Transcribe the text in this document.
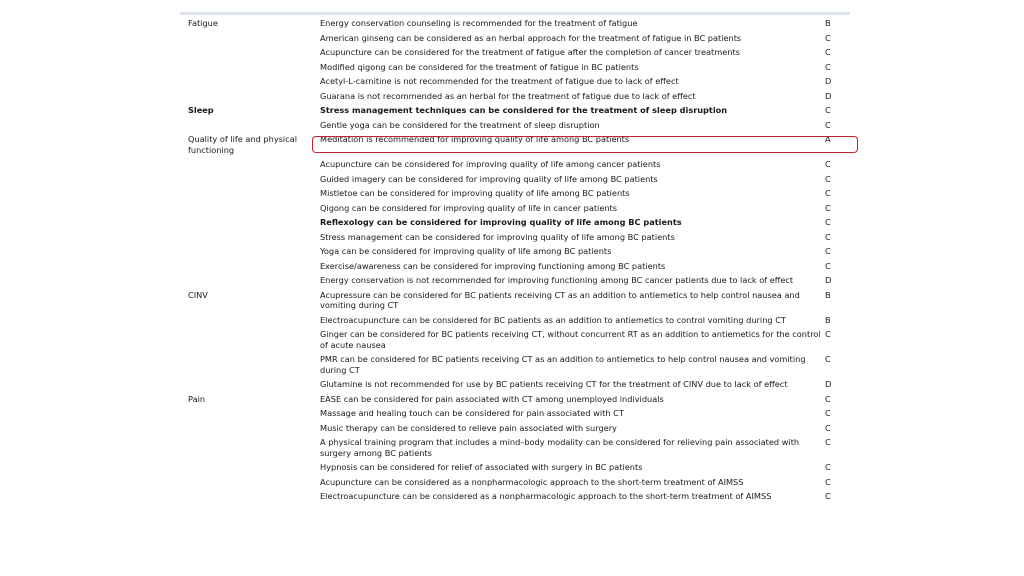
Fatigue	Energy conservation counseling is recommended for the treatment of fatigue	B
	American ginseng can be considered as an herbal approach for the treatment of fatigue in BC patients	C
	Acupuncture can be considered for the treatment of fatigue after the completion of cancer treatments	C
	Modified qigong can be considered for the treatment of fatigue in BC patients	C
	Acetyl-L-carnitine is not recommended for the treatment of fatigue due to lack of effect	D
	Guarana is not recommended as an herbal for the treatment of fatigue due to lack of effect	D
Sleep	Stress management techniques can be considered for the treatment of sleep disruption	C
	Gentle yoga can be considered for the treatment of sleep disruption	C
Quality of life and physical functioning	Meditation is recommended for improving quality of life among BC patients	A
	Acupuncture can be considered for improving quality of life among cancer patients	C
	Guided imagery can be considered for improving quality of life among BC patients	C
	Mistletoe can be considered for improving quality of life among BC patients	C
	Qigong can be considered for improving quality of life in cancer patients	C
	Reflexology can be considered for improving quality of life among BC patients	C
	Stress management can be considered for improving quality of life among BC patients	C
	Yoga can be considered for improving quality of life among BC patients	C
	Exercise/awareness can be considered for improving functioning among BC patients	C
	Energy conservation is not recommended for improving functioning among BC cancer patients due to lack of effect	D
CINV	Acupressure can be considered for BC patients receiving CT as an addition to antiemetics to help control nausea and vomiting during CT	B
	Electroacupuncture can be considered for BC patients as an addition to antiemetics to control vomiting during CT	B
	Ginger can be considered for BC patients receiving CT, without concurrent RT as an addition to antiemetics for the control of acute nausea	C
	PMR can be considered for BC patients receiving CT as an addition to antiemetics to help control nausea and vomiting during CT	C
	Glutamine is not recommended for use by BC patients receiving CT for the treatment of CINV due to lack of effect	D
Pain	EASE can be considered for pain associated with CT among unemployed individuals	C
	Massage and healing touch can be considered for pain associated with CT	C
	Music therapy can be considered to relieve pain associated with surgery	C
	A physical training program that includes a mind–body modality can be considered for relieving pain associated with surgery among BC patients	C
	Hypnosis can be considered for relief of associated with surgery in BC patients	C
	Acupuncture can be considered as a nonpharmacologic approach to the short-term treatment of AIMSS	C
	Electroacupuncture can be considered as a nonpharmacologic approach to the short-term treatment of AIMSS	C
